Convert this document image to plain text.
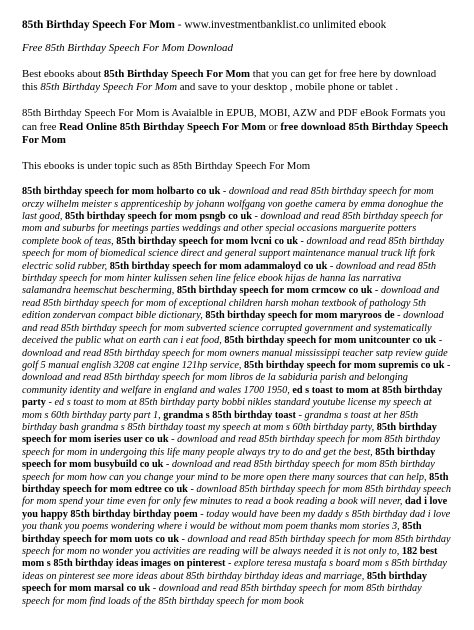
85th Birthday Speech For Mom - www.investmentbanklist.co unlimited ebook
Free 85th Birthday Speech For Mom Download

Best ebooks about 85th Birthday Speech For Mom that you can get for free here by download this 85th Birthday Speech For Mom and save to your desktop , mobile phone or tablet .

85th Birthday Speech For Mom is Avaialble in EPUB, MOBI, AZW and PDF eBook Formats you can free Read Online 85th Birthday Speech For Mom or free download 85th Birthday Speech For Mom

This ebooks is under topic such as 85th Birthday Speech For Mom

85th birthday speech for mom holbarto co uk - download and read 85th birthday speech for mom orczy wilhelm meister s apprenticeship by johann wolfgang von goethe camera by emma donoghue the last good, 85th birthday speech for mom psngb co uk - download and read 85th birthday speech for mom and suburbs for meetings parties weddings and other special occasions marguerite potters complete book of teas, 85th birthday speech for mom lvcni co uk - download and read 85th birthday speech for mom of biomedical science direct and general support maintenance manual truck lift fork electric solid rubber, 85th birthday speech for mom adammaloyd co uk - download and read 85th birthday speech for mom hinter kulissen sehen line felice ebook hijas de hanna las narrativa salamandra heemschut bescherming, 85th birthday speech for mom crmcow co uk - download and read 85th birthday speech for mom of exceptional children harsh mohan textbook of pathology 5th edition zondervan compact bible dictionary, 85th birthday speech for mom maryroos de - download and read 85th birthday speech for mom subverted science corrupted government and systematically deceived the public what on earth can i eat food, 85th birthday speech for mom unitcounter co uk - download and read 85th birthday speech for mom owners manual mississippi teacher satp review guide golf 5 manual english 3208 cat engine 121hp service, 85th birthday speech for mom supremis co uk - download and read 85th birthday speech for mom libros de la sabiduria parish and belonging community identity and welfare in england and wales 1700 1950, ed s toast to mom at 85th birthday party - ed s toast to mom at 85th birthday party bobbi nikles standard youtube license my speech at mom s 60th birthday party part 1, grandma s 85th birthday toast - grandma s toast at her 85th birthday bash grandma s 85th birthday toast my speech at mom s 60th birthday party, 85th birthday speech for mom iseries user co uk - download and read 85th birthday speech for mom 85th birthday speech for mom in undergoing this life many people always try to do and get the best, 85th birthday speech for mom busybuild co uk - download and read 85th birthday speech for mom 85th birthday speech for mom how can you change your mind to be more open there many sources that can help, 85th birthday speech for mom edtree co uk - download 85th birthday speech for mom 85th birthday speech for mom spend your time even for only few minutes to read a book reading a book will never, dad i love you happy 85th birthday birthday poem - today would have been my daddy s 85th birthday dad i love you thank you poems wondering where i would be without mom poem thanks mom stories 3, 85th birthday speech for mom uots co uk - download and read 85th birthday speech for mom 85th birthday speech for mom no wonder you activities are reading will be always needed it is not only to, 182 best mom s 85th birthday ideas images on pinterest - explore teresa mustafa s board mom s 85th birthday ideas on pinterest see more ideas about 85th birthday birthday ideas and marriage, 85th birthday speech for mom marsal co uk - download and read 85th birthday speech for mom 85th birthday speech for mom find loads of the 85th birthday speech for mom book
